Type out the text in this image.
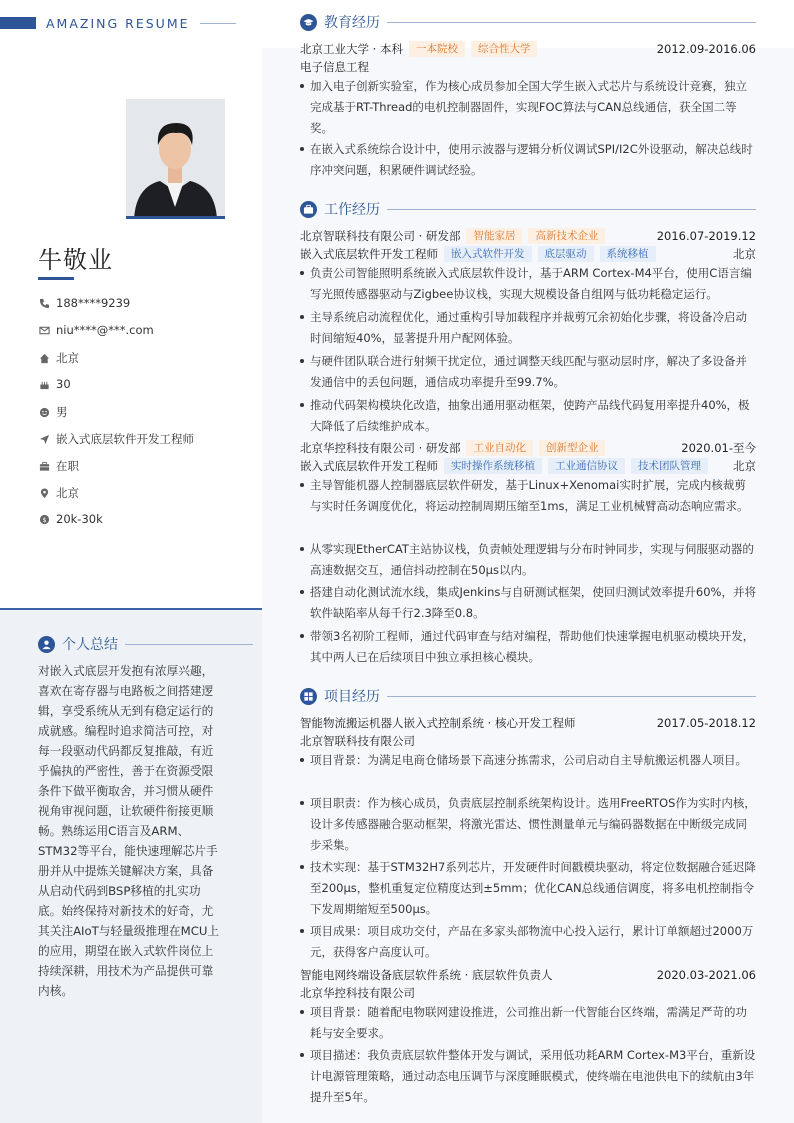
AMAZING RESUME
牛敬业
188****9239
niu****@***.com
北京
30
男
嵌入式底层软件开发工程师
在职
北京
$ 20k-30k
个人总结
对嵌入式底层开发抱有浓厚兴趣，喜欢在寄存器与电路板之间搭建逻辑，享受系统从无到有稳定运行的成就感。编程时追求简洁可控，对每一段驱动代码都反复推敲，有近乎偏执的严密性，善于在资源受限条件下做平衡取舍，并习惯从硬件视角审视问题，让软硬件衔接更顺畅。熟练运用C语言及ARM、STM32等平台，能快速理解芯片手册并从中提炼关键解决方案，具备从启动代码到BSP移植的扎实功底。始终保持对新技术的好奇，尤其关注AIoT与轻量级推理在MCU上的应用，期望在嵌入式软件岗位上持续深耕，用技术为产品提供可靠内核。
教育经历
北京工业大学 · 本科	一本院校	综合性大学	2012.09-2016.06
电子信息工程
加入电子创新实验室，作为核心成员参加全国大学生嵌入式芯片与系统设计竞赛，独立完成基于RT-Thread的电机控制器固件，实现FOC算法与CAN总线通信，获全国二等奖。
在嵌入式系统综合设计中，使用示波器与逻辑分析仪调试SPI/I2C外设驱动，解决总线时序冲突问题，积累硬件调试经验。
工作经历
北京智联科技有限公司 · 研发部	智能家居	高新技术企业	2016.07-2019.12
嵌入式底层软件开发工程师	嵌入式软件开发	底层驱动	系统移植	北京
负责公司智能照明系统嵌入式底层软件设计，基于ARM Cortex-M4平台，使用C语言编写光照传感器驱动与Zigbee协议栈，实现大规模设备自组网与低功耗稳定运行。
主导系统启动流程优化，通过重构引导加载程序并裁剪冗余初始化步骤，将设备冷启动时间缩短40%，显著提升用户配网体验。
与硬件团队联合进行射频干扰定位，通过调整天线匹配与驱动层时序，解决了多设备并发通信中的丢包问题，通信成功率提升至99.7%。
推动代码架构模块化改造，抽象出通用驱动框架，使跨产品线代码复用率提升40%，极大降低了后续维护成本。
北京华控科技有限公司 · 研发部	工业自动化	创新型企业	2020.01-至今
嵌入式底层软件开发工程师	实时操作系统移植	工业通信协议	技术团队管理	北京
主导智能机器人控制器底层软件研发，基于Linux+Xenomai实时扩展，完成内核裁剪与实时任务调度优化，将运动控制周期压缩至1ms，满足工业机械臂高动态响应需求。
从零实现EtherCAT主站协议栈，负责帧处理逻辑与分布时钟同步，实现与伺服驱动器的高速数据交互，通信抖动控制在50μs以内。
搭建自动化测试流水线，集成Jenkins与自研测试框架，使回归测试效率提升60%，并将软件缺陷率从每千行2.3降至0.8。
带领3名初阶工程师，通过代码审查与结对编程，帮助他们快速掌握电机驱动模块开发，其中两人已在后续项目中独立承担核心模块。
项目经历
智能物流搬运机器人嵌入式控制系统 · 核心开发工程师	2017.05-2018.12
北京智联科技有限公司
项目背景：为满足电商仓储场景下高速分拣需求，公司启动自主导航搬运机器人项目。
项目职责：作为核心成员，负责底层控制系统架构设计。选用FreeRTOS作为实时内核，设计多传感器融合驱动框架，将激光雷达、惯性测量单元与编码器数据在中断级完成同步采集。
技术实现：基于STM32H7系列芯片，开发硬件时间戳模块驱动，将定位数据融合延迟降至200μs，整机重复定位精度达到±5mm；优化CAN总线通信调度，将多电机控制指令下发周期缩短至500μs。
项目成果：项目成功交付，产品在多家头部物流中心投入运行，累计订单额超过2000万元，获得客户高度认可。
智能电网终端设备底层软件系统 · 底层软件负责人	2020.03-2021.06
北京华控科技有限公司
项目背景：随着配电物联网建设推进，公司推出新一代智能台区终端，需满足严苛的功耗与安全要求。
项目描述：我负责底层软件整体开发与调试，采用低功耗ARM Cortex-M3平台，重新设计电源管理策略，通过动态电压调节与深度睡眠模式，使终端在电池供电下的续航由3年提升至5年。
